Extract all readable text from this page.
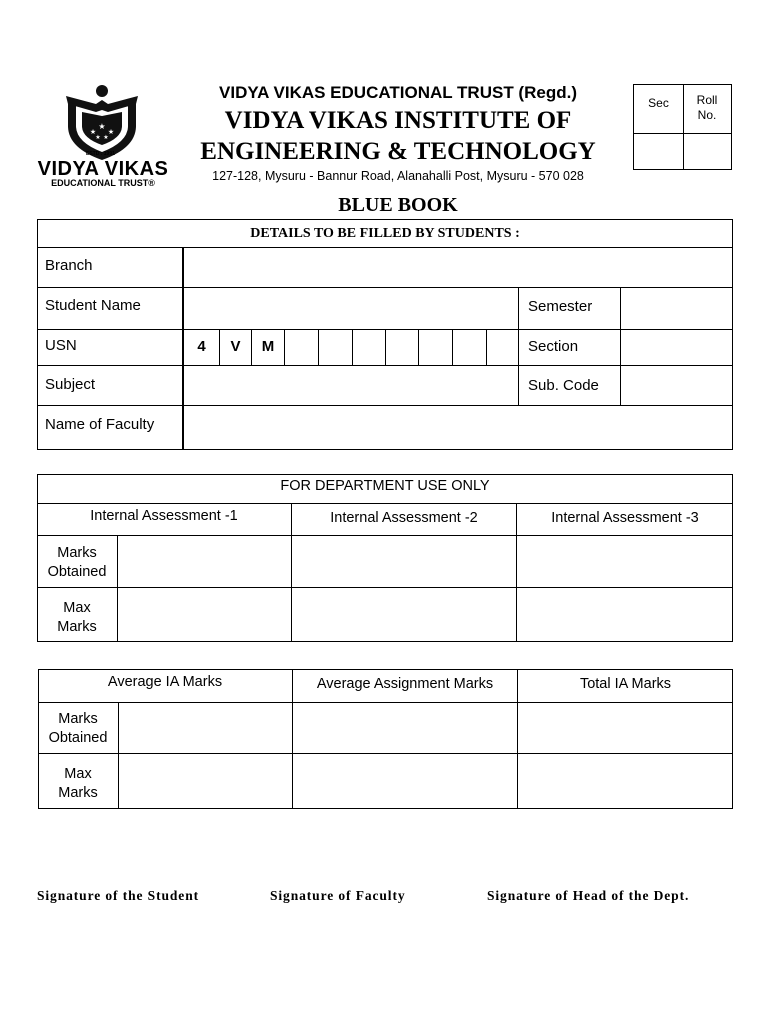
★
★ ★
★ ★
ESTD : 1991
VIDYA VIKAS
EDUCATIONAL TRUST®
VIDYA VIKAS EDUCATIONAL TRUST (Regd.)
VIDYA VIKAS INSTITUTE OF
ENGINEERING & TECHNOLOGY
127-128, Mysuru - Bannur Road, Alanahalli Post, Mysuru - 570 028
Sec	Roll No.
BLUE BOOK
DETAILS TO BE FILLED BY STUDENTS :
Branch
Student Name	Semester
USN	4	V	M	Section
Subject	Sub. Code
Name of Faculty
FOR DEPARTMENT USE ONLY
Internal Assessment -1	Internal Assessment -2	Internal Assessment -3
Marks
Obtained
Max
Marks
Average IA Marks	Average Assignment Marks	Total IA Marks
Marks
Obtained
Max
Marks
Signature of the Student	Signature of Faculty	Signature of Head of the Dept.
